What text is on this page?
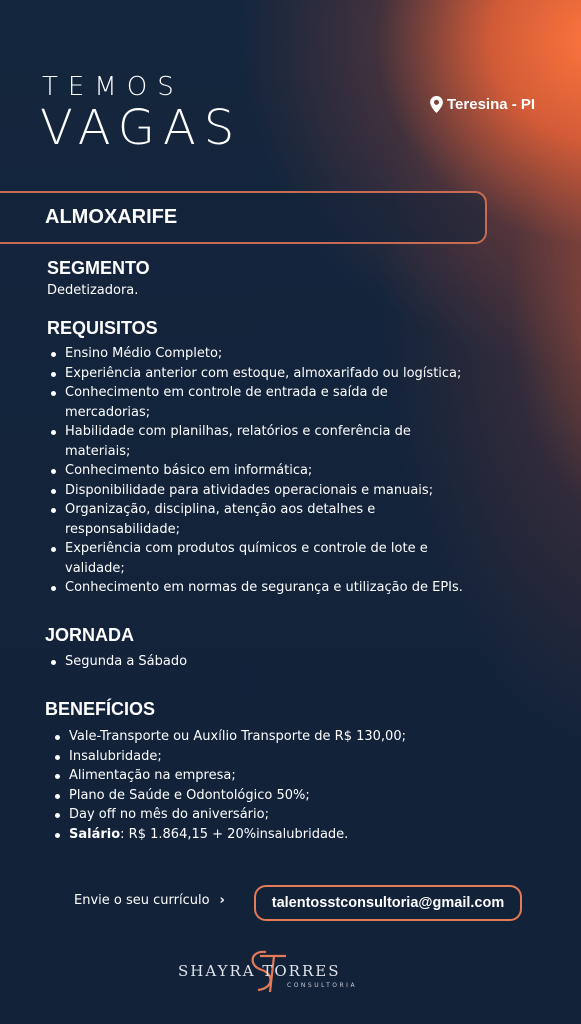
TEMOS
VAGAS	Teresina - PI
ALMOXARIFE
SEGMENTO
Dedetizadora.
REQUISITOS
Ensino Médio Completo;
Experiência anterior com estoque, almoxarifado ou logística;
Conhecimento em controle de entrada e saída de mercadorias;
Habilidade com planilhas, relatórios e conferência de materiais;
Conhecimento básico em informática;
Disponibilidade para atividades operacionais e manuais;
Organização, disciplina, atenção aos detalhes e responsabilidade;
Experiência com produtos químicos e controle de lote e validade;
Conhecimento em normas de segurança e utilização de EPIs.
JORNADA
Segunda a Sábado
BENEFÍCIOS
Vale-Transporte ou Auxílio Transporte de R$ 130,00;
Insalubridade;
Alimentação na empresa;
Plano de Saúde e Odontológico 50%;
Day off no mês do aniversário;
Salário: R$ 1.864,15 + 20%insalubridade.
Envie o seu currículo ›	talentosstconsultoria@gmail.com
SHAYRA TORRES
CONSULTORIA
